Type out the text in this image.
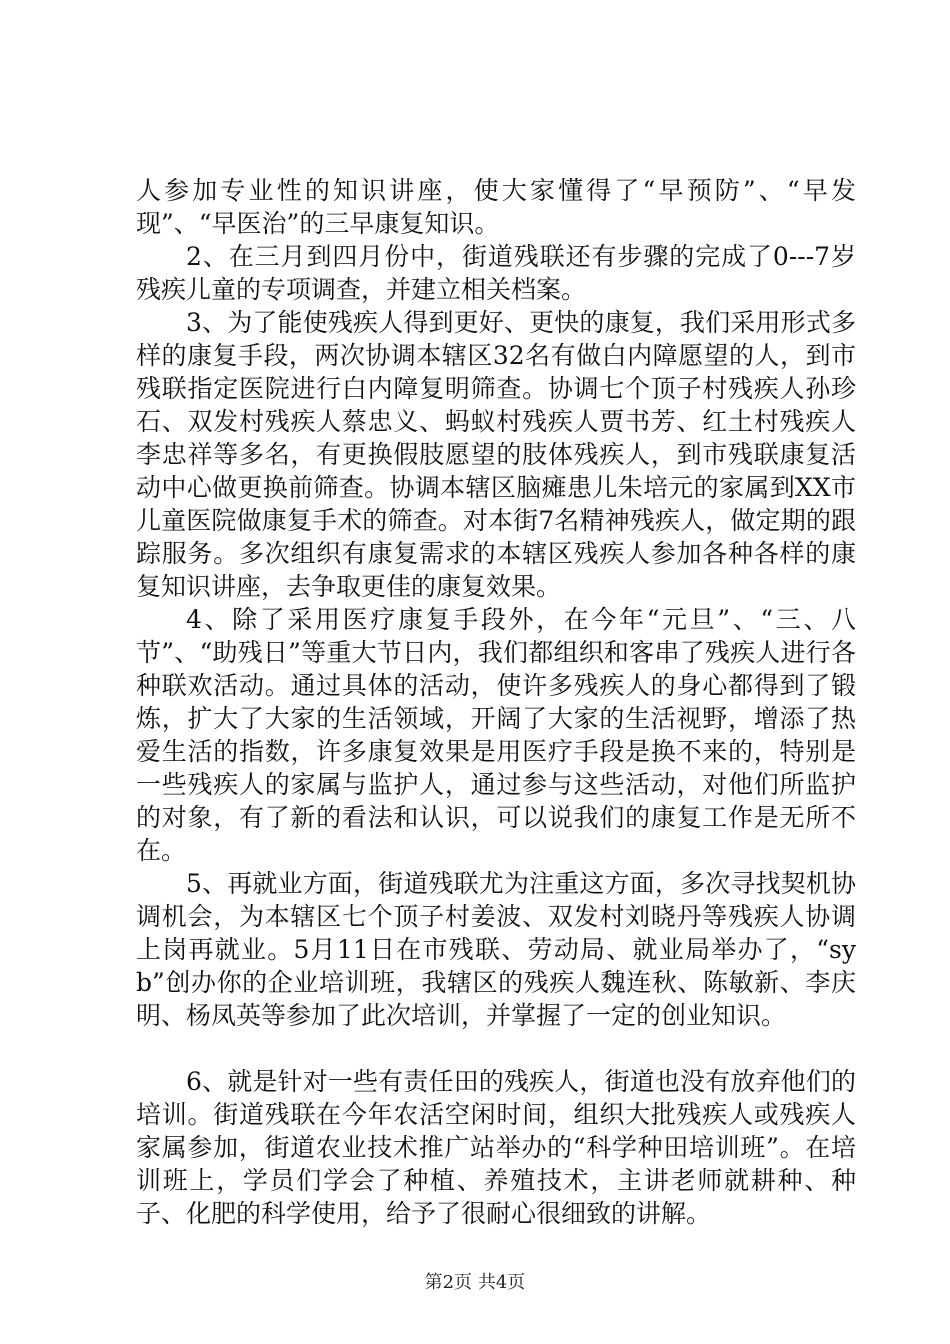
人参加专业性的知识讲座，使大家懂得了“早预防”、“早发现”、“早医治”的三早康复知识。

2、在三月到四月份中，街道残联还有步骤的完成了0---7岁残疾儿童的专项调查，并建立相关档案。

3、为了能使残疾人得到更好、更快的康复，我们采用形式多样的康复手段，两次协调本辖区32名有做白内障愿望的人，到市残联指定医院进行白内障复明筛查。协调七个顶子村残疾人孙珍石、双发村残疾人蔡忠义、蚂蚁村残疾人贾书芳、红土村残疾人李忠祥等多名，有更换假肢愿望的肢体残疾人，到市残联康复活动中心做更换前筛查。协调本辖区脑瘫患儿朱培元的家属到XX市儿童医院做康复手术的筛查。对本街7名精神残疾人，做定期的跟踪服务。多次组织有康复需求的本辖区残疾人参加各种各样的康复知识讲座，去争取更佳的康复效果。

4、除了采用医疗康复手段外，在今年“元旦”、“三、八节”、“助残日”等重大节日内，我们都组织和客串了残疾人进行各种联欢活动。通过具体的活动，使许多残疾人的身心都得到了锻炼，扩大了大家的生活领域，开阔了大家的生活视野，增添了热爱生活的指数，许多康复效果是用医疗手段是换不来的，特别是一些残疾人的家属与监护人，通过参与这些活动，对他们所监护的对象，有了新的看法和认识，可以说我们的康复工作是无所不在。

5、再就业方面，街道残联尤为注重这方面，多次寻找契机协调机会，为本辖区七个顶子村姜波、双发村刘晓丹等残疾人协调上岗再就业。5月11日在市残联、劳动局、就业局举办了，“syb”创办你的企业培训班，我辖区的残疾人魏连秋、陈敏新、李庆明、杨凤英等参加了此次培训，并掌握了一定的创业知识。

6、就是针对一些有责任田的残疾人，街道也没有放弃他们的培训。街道残联在今年农活空闲时间，组织大批残疾人或残疾人家属参加，街道农业技术推广站举办的“科学种田培训班”。在培训班上，学员们学会了种植、养殖技术，主讲老师就耕种、种子、化肥的科学使用，给予了很耐心很细致的讲解。

第2页 共4页
